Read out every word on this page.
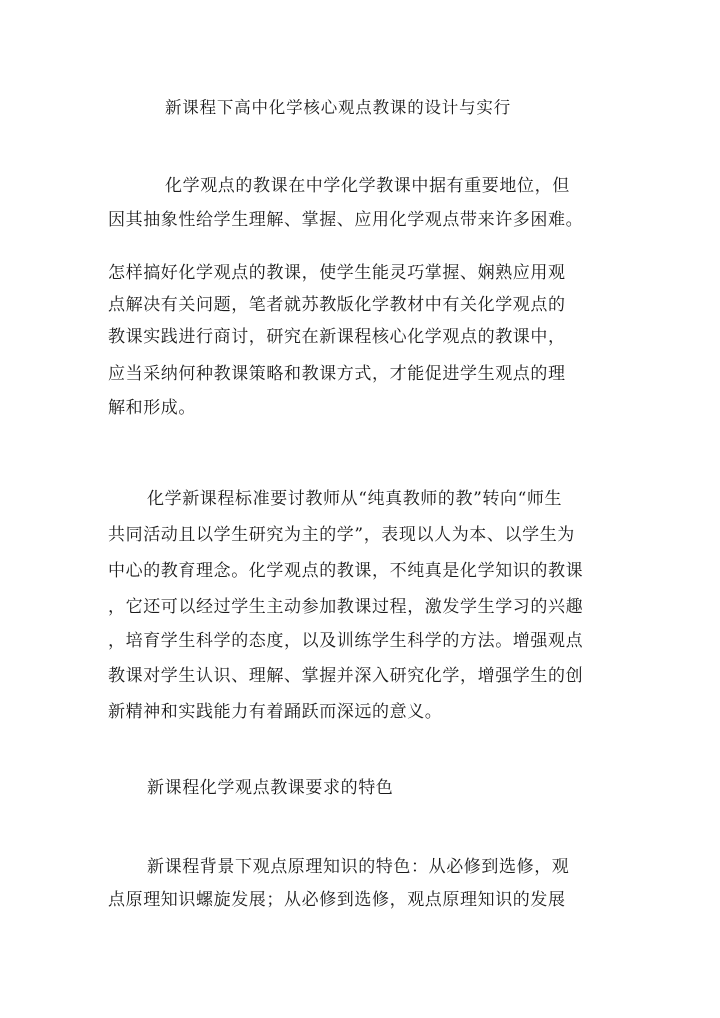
新课程下高中化学核心观点教课的设计与实行
化学观点的教课在中学化学教课中据有重要地位，但
因其抽象性给学生理解、掌握、应用化学观点带来许多困难。
怎样搞好化学观点的教课，使学生能灵巧掌握、娴熟应用观
点解决有关问题，笔者就苏教版化学教材中有关化学观点的
教课实践进行商讨，研究在新课程核心化学观点的教课中，
应当采纳何种教课策略和教课方式，才能促进学生观点的理
解和形成。
化学新课程标准要讨教师从“纯真教师的教”转向“师生
共同活动且以学生研究为主的学”，表现以人为本、以学生为
中心的教育理念。化学观点的教课，不纯真是化学知识的教课
，它还可以经过学生主动参加教课过程，激发学生学习的兴趣
，培育学生科学的态度，以及训练学生科学的方法。增强观点
教课对学生认识、理解、掌握并深入研究化学，增强学生的创
新精神和实践能力有着踊跃而深远的意义。
新课程化学观点教课要求的特色
新课程背景下观点原理知识的特色：从必修到选修，观
点原理知识螺旋发展；从必修到选修，观点原理知识的发展
